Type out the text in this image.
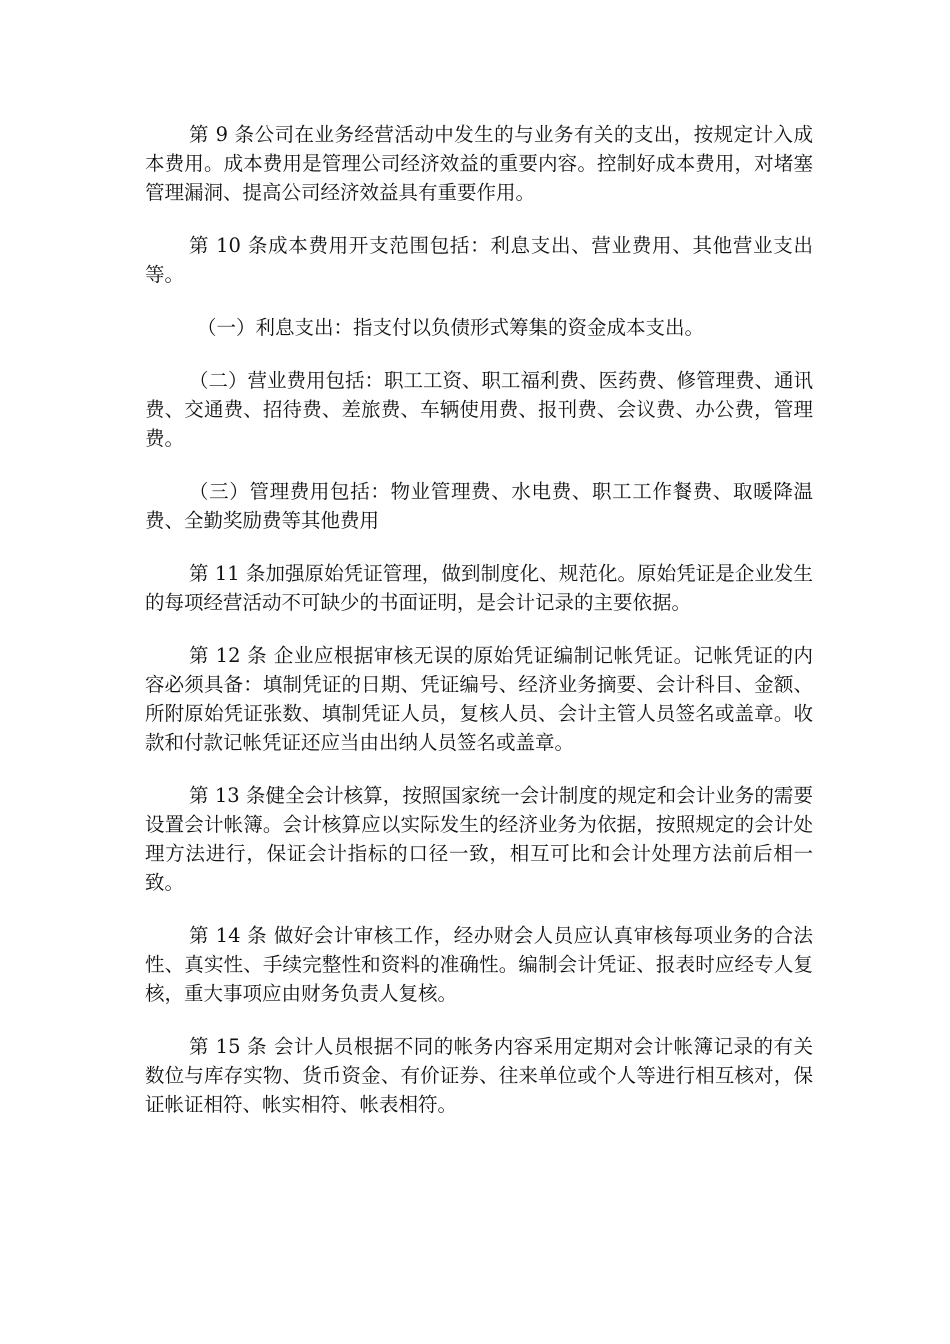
第 9 条公司在业务经营活动中发生的与业务有关的支出，按规定计入成本费用。成本费用是管理公司经济效益的重要内容。控制好成本费用，对堵塞管理漏洞、提高公司经济效益具有重要作用。

第 10 条成本费用开支范围包括：利息支出、营业费用、其他营业支出等。

（一）利息支出：指支付以负债形式筹集的资金成本支出。

（二）营业费用包括：职工工资、职工福利费、医药费、修管理费、通讯费、交通费、招待费、差旅费、车辆使用费、报刊费、会议费、办公费，管理费。

（三）管理费用包括：物业管理费、水电费、职工工作餐费、取暖降温费、全勤奖励费等其他费用

第 11 条加强原始凭证管理，做到制度化、规范化。原始凭证是企业发生的每项经营活动不可缺少的书面证明，是会计记录的主要依据。

第 12 条 企业应根据审核无误的原始凭证编制记帐凭证。记帐凭证的内容必须具备：填制凭证的日期、凭证编号、经济业务摘要、会计科目、金额、所附原始凭证张数、填制凭证人员，复核人员、会计主管人员签名或盖章。收款和付款记帐凭证还应当由出纳人员签名或盖章。

第 13 条健全会计核算，按照国家统一会计制度的规定和会计业务的需要设置会计帐簿。会计核算应以实际发生的经济业务为依据，按照规定的会计处理方法进行，保证会计指标的口径一致，相互可比和会计处理方法前后相一致。

第 14 条 做好会计审核工作，经办财会人员应认真审核每项业务的合法性、真实性、手续完整性和资料的准确性。编制会计凭证、报表时应经专人复核，重大事项应由财务负责人复核。

第 15 条 会计人员根据不同的帐务内容采用定期对会计帐簿记录的有关数位与库存实物、货币资金、有价证券、往来单位或个人等进行相互核对，保证帐证相符、帐实相符、帐表相符。
